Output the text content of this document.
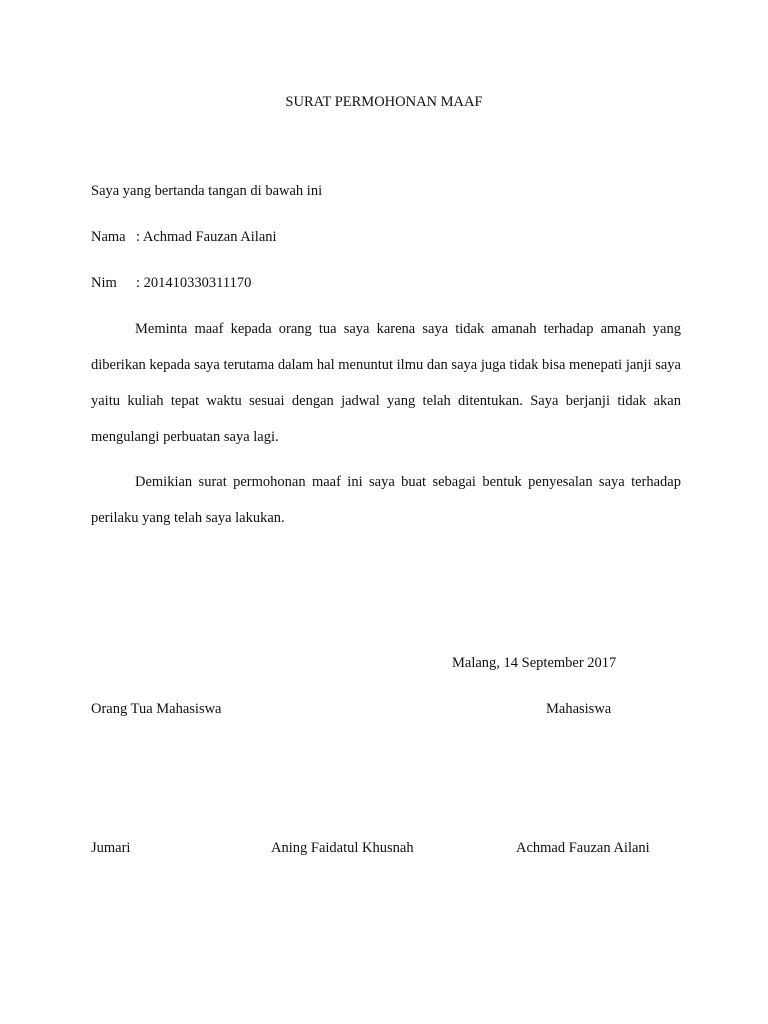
SURAT PERMOHONAN MAAF
Saya yang bertanda tangan di bawah ini
Nama : Achmad Fauzan Ailani
Nim : 201410330311170

Meminta maaf kepada orang tua saya karena saya tidak amanah terhadap amanah yang diberikan kepada saya terutama dalam hal menuntut ilmu dan saya juga tidak bisa menepati janji saya yaitu kuliah tepat waktu sesuai dengan jadwal yang telah ditentukan. Saya berjanji tidak akan mengulangi perbuatan saya lagi.

Demikian surat permohonan maaf ini saya buat sebagai bentuk penyesalan saya terhadap perilaku yang telah saya lakukan.

Malang, 14 September 2017
Orang Tua Mahasiswa	Mahasiswa
Jumari	Aning Faidatul Khusnah	Achmad Fauzan Ailani
